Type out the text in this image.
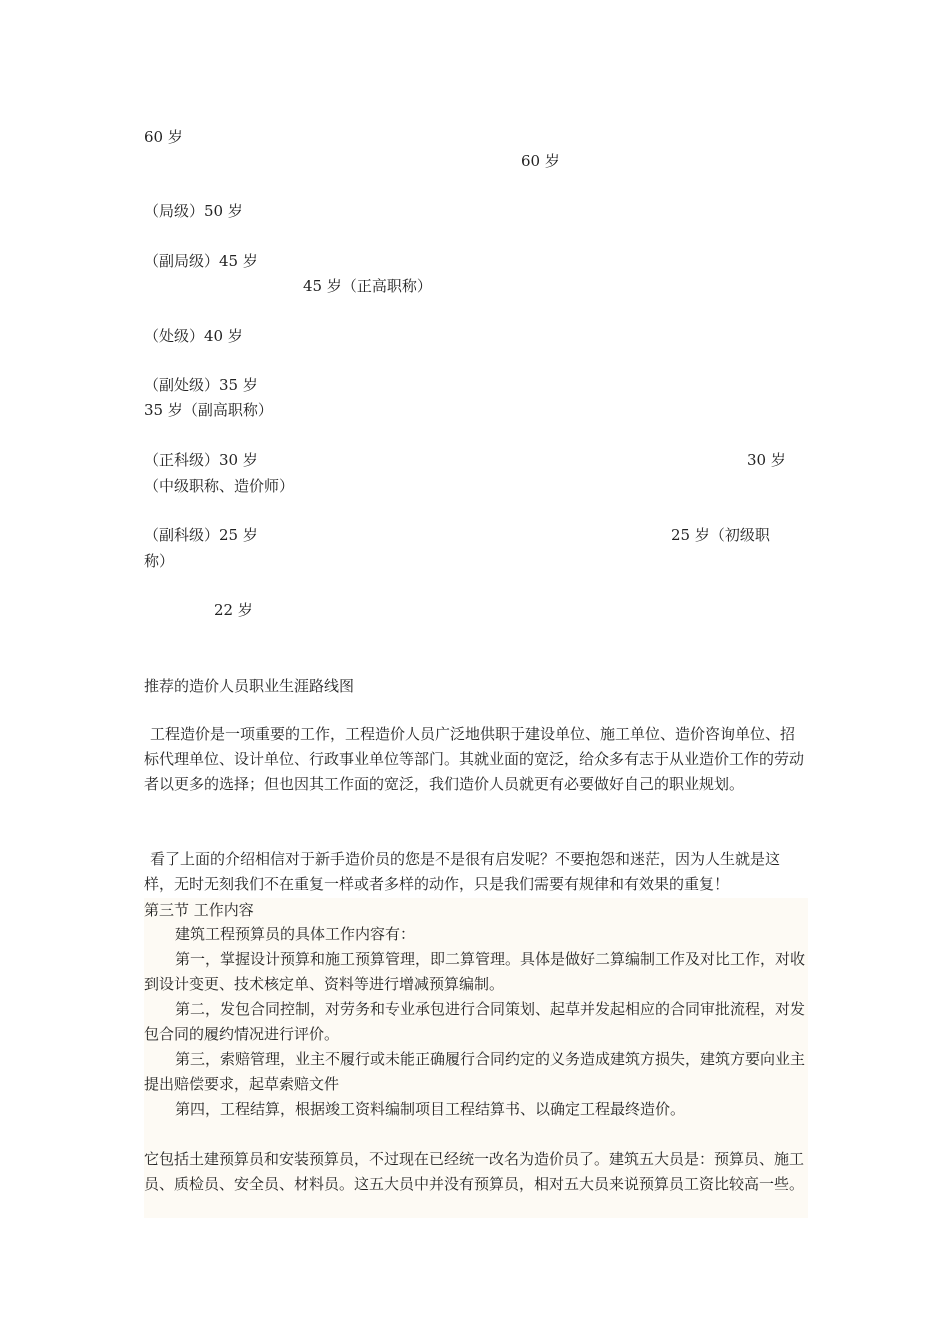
60 岁
（局级）50 岁
（副局级）45 岁
（处级）40 岁
（副处级）35 岁
35 岁（副高职称）
（正科级）30 岁
（中级职称、造价师）
（副科级）25 岁
称）
22 岁
60 岁
45 岁（正高职称）
30 岁
25 岁（初级职
推荐的造价人员职业生涯路线图

工程造价是一项重要的工作，工程造价人员广泛地供职于建设单位、施工单位、造价咨询单位、招标代理单位、设计单位、行政事业单位等部门。其就业面的宽泛，给众多有志于从业造价工作的劳动者以更多的选择；但也因其工作面的宽泛，我们造价人员就更有必要做好自己的职业规划。

看了上面的介绍相信对于新手造价员的您是不是很有启发呢？不要抱怨和迷茫，因为人生就是这样，无时无刻我们不在重复一样或者多样的动作，只是我们需要有规律和有效果的重复！

第三节 工作内容

建筑工程预算员的具体工作内容有：

第一，掌握设计预算和施工预算管理，即二算管理。具体是做好二算编制工作及对比工作，对收到设计变更、技术核定单、资料等进行增减预算编制。

第二，发包合同控制，对劳务和专业承包进行合同策划、起草并发起相应的合同审批流程，对发包合同的履约情况进行评价。

第三，索赔管理，业主不履行或未能正确履行合同约定的义务造成建筑方损失，建筑方要向业主提出赔偿要求，起草索赔文件

第四，工程结算，根据竣工资料编制项目工程结算书、以确定工程最终造价。

它包括土建预算员和安装预算员，不过现在已经统一改名为造价员了。建筑五大员是：预算员、施工员、质检员、安全员、材料员。这五大员中并没有预算员，相对五大员来说预算员工资比较高一些。
